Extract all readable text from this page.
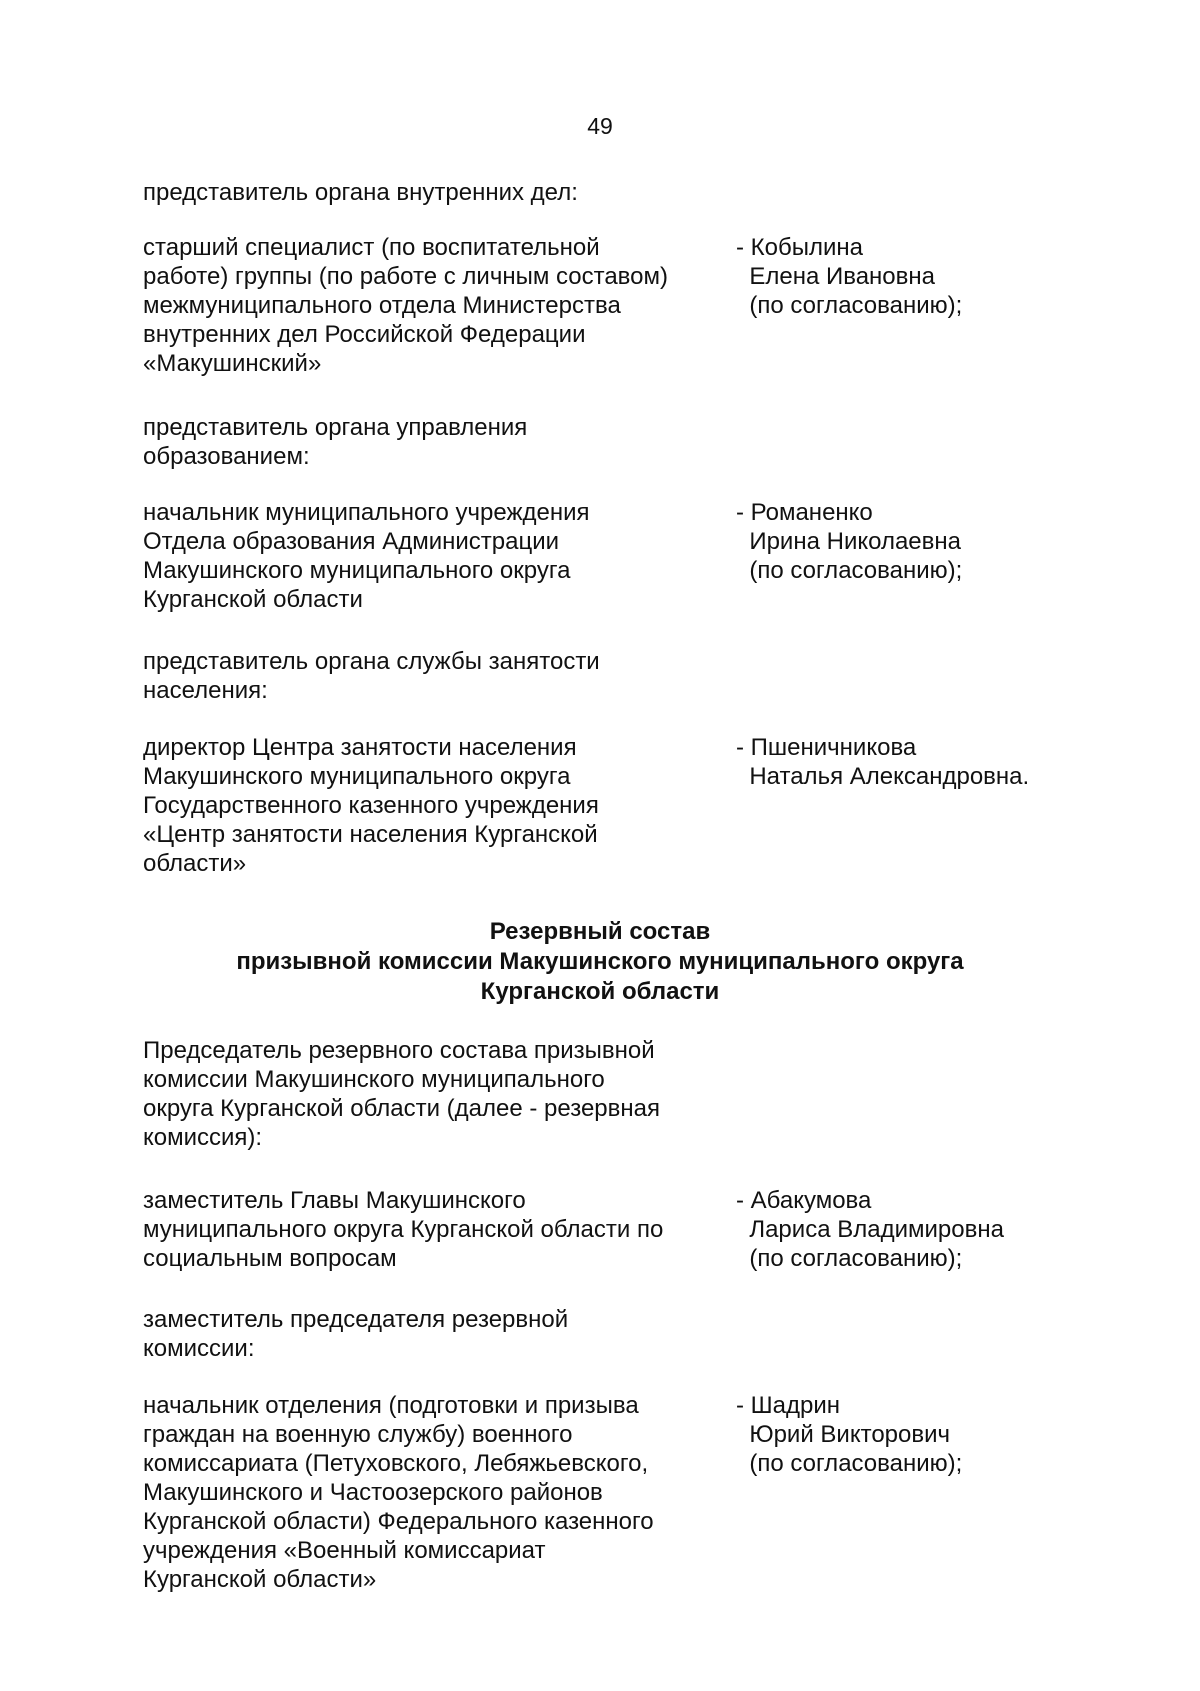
49
представитель органа внутренних дел:
старший специалист (по воспитательной
работе) группы (по работе с личным составом)
межмуниципального отдела Министерства
внутренних дел Российской Федерации
«Макушинский»
- Кобылина
Елена Ивановна
(по согласованию);
представитель органа управления
образованием:
начальник муниципального учреждения
Отдела образования Администрации
Макушинского муниципального округа
Курганской области
- Романенко
Ирина Николаевна
(по согласованию);
представитель органа службы занятости
населения:
директор Центра занятости населения
Макушинского муниципального округа
Государственного казенного учреждения
«Центр занятости населения Курганской
области»
- Пшеничникова
Наталья Александровна.
Резервный состав
призывной комиссии Макушинского муниципального округа
Курганской области
Председатель резервного состава призывной
комиссии Макушинского муниципального
округа Курганской области (далее - резервная
комиссия):
заместитель Главы Макушинского
муниципального округа Курганской области по
социальным вопросам
- Абакумова
Лариса Владимировна
(по согласованию);
заместитель председателя резервной
комиссии:
начальник отделения (подготовки и призыва
граждан на военную службу) военного
комиссариата (Петуховского, Лебяжьевского,
Макушинского и Частоозерского районов
Курганской области) Федерального казенного
учреждения «Военный комиссариат
Курганской области»
- Шадрин
Юрий Викторович
(по согласованию);
